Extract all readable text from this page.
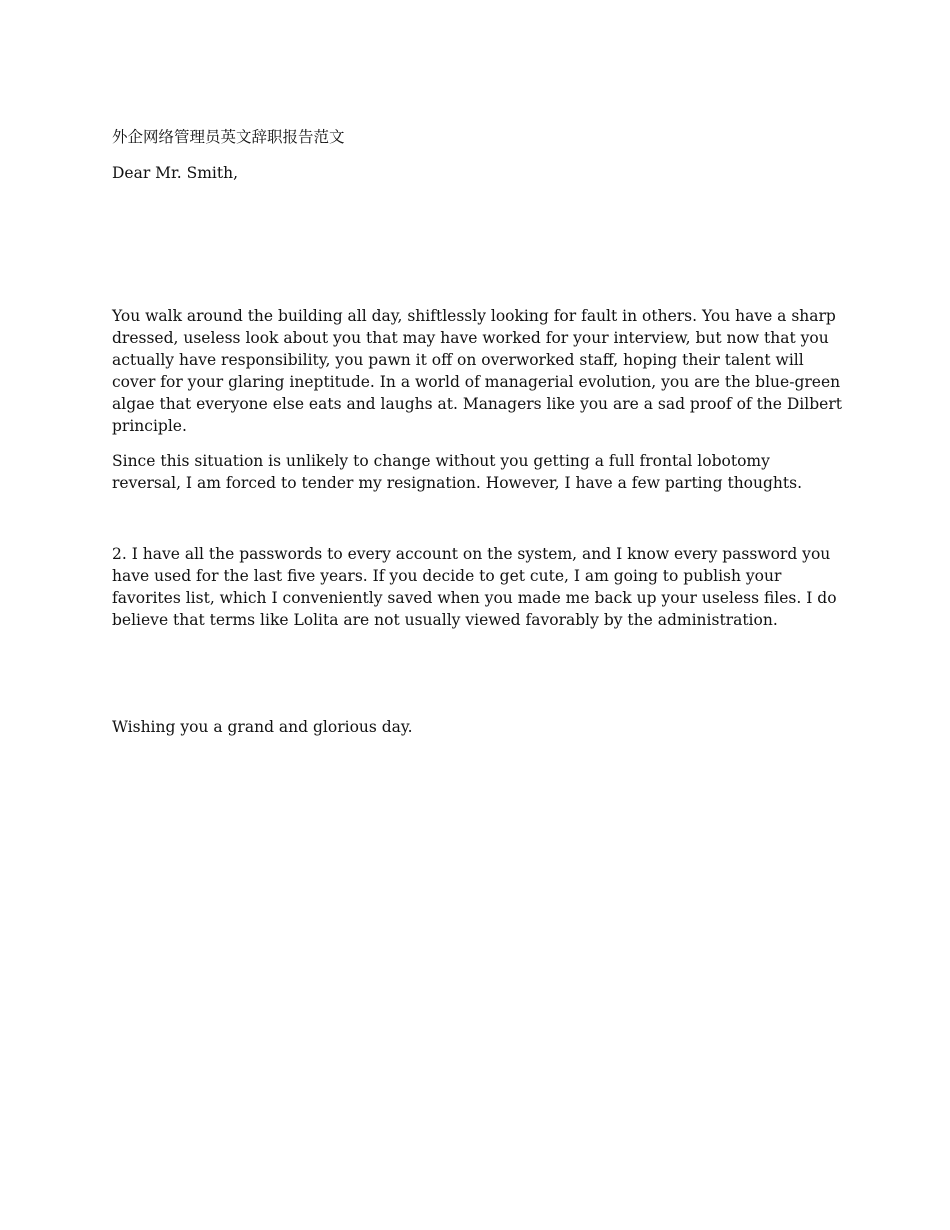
外企网络管理员英文辞职报告范文

Dear Mr. Smith,

You walk around the building all day, shiftlessly looking for fault in others. You have a sharp dressed, useless look about you that may have worked for your interview, but now that you actually have responsibility, you pawn it off on overworked staff, hoping their talent will cover for your glaring ineptitude. In a world of managerial evolution, you are the blue-green algae that everyone else eats and laughs at. Managers like you are a sad proof of the Dilbert principle.

Since this situation is unlikely to change without you getting a full frontal lobotomy reversal, I am forced to tender my resignation. However, I have a few parting thoughts.

2. I have all the passwords to every account on the system, and I know every password you have used for the last five years. If you decide to get cute, I am going to publish your favorites list, which I conveniently saved when you made me back up your useless files. I do believe that terms like Lolita are not usually viewed favorably by the administration.

Wishing you a grand and glorious day.
